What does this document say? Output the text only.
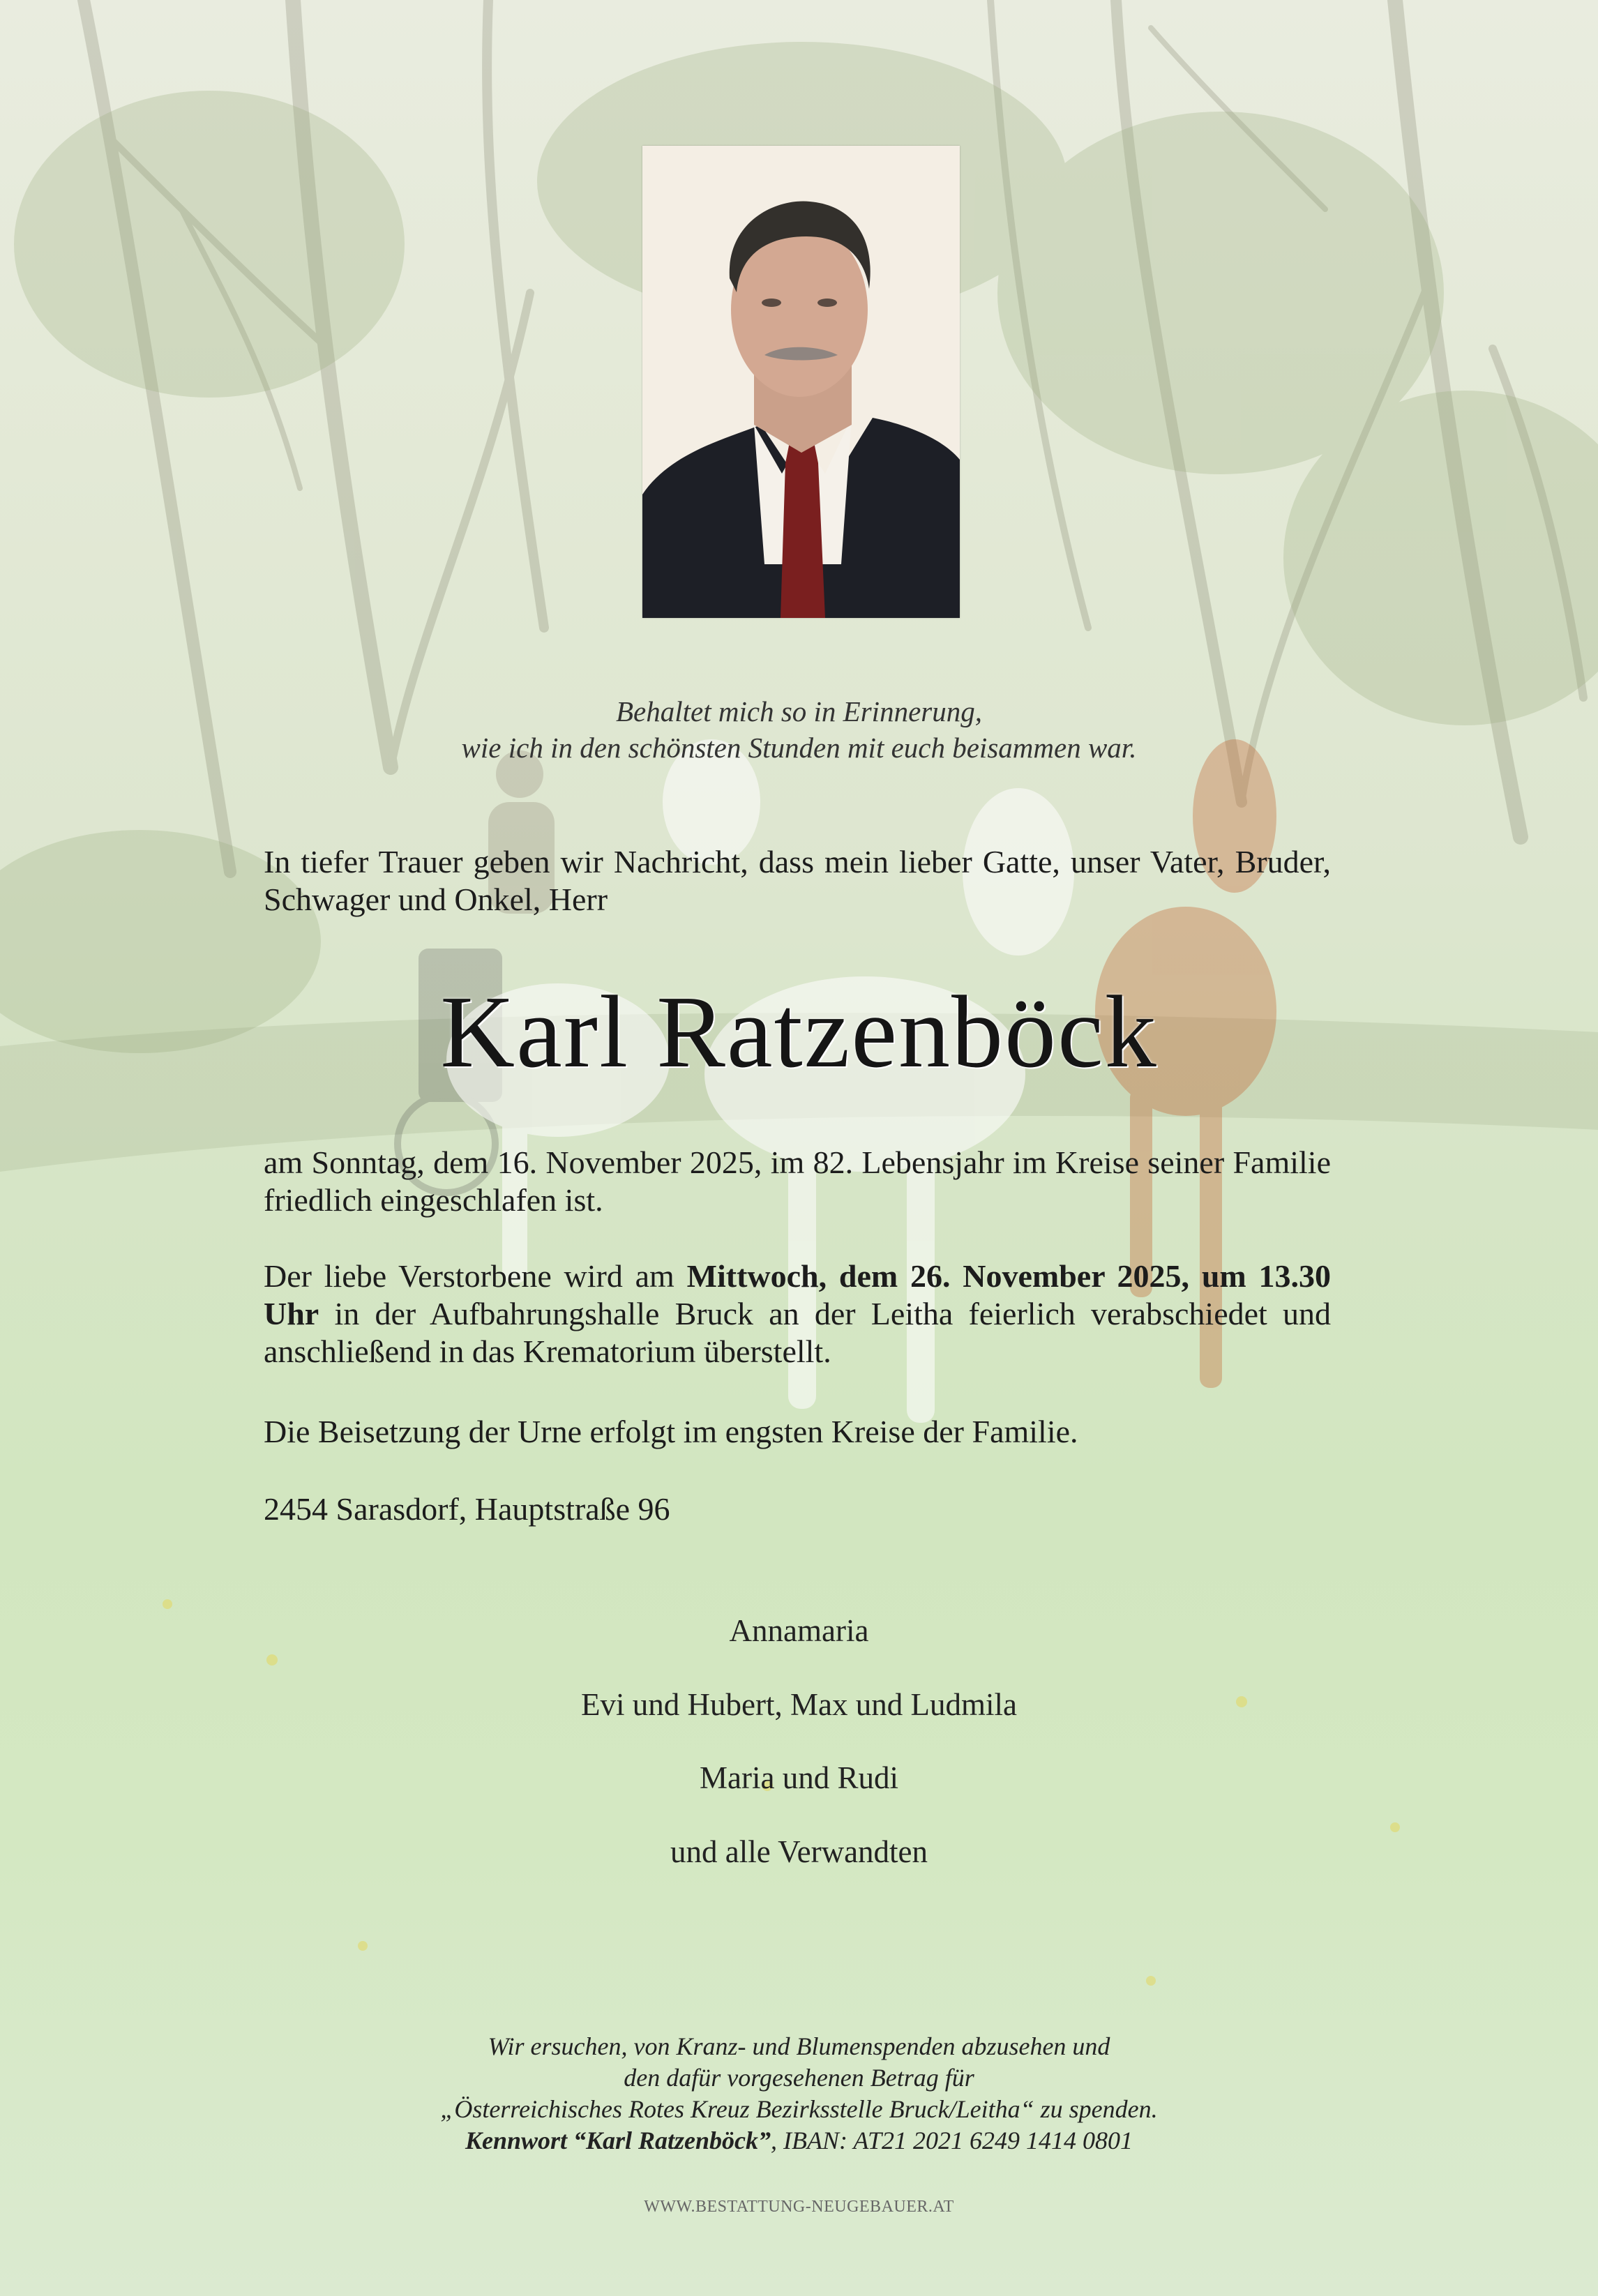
Behaltet mich so in Erinnerung,
wie ich in den schönsten Stunden mit euch beisammen war.
In tiefer Trauer geben wir Nachricht, dass mein lieber Gatte, unser Vater, Bruder, Schwager und Onkel, Herr
Karl Ratzenböck
am Sonntag, dem 16. November 2025, im 82. Lebensjahr im Kreise seiner Familie friedlich eingeschlafen ist.
Der liebe Verstorbene wird am Mittwoch, dem 26. November 2025, um 13.30 Uhr in der Aufbahrungshalle Bruck an der Leitha feierlich verabschiedet und anschließend in das Krematorium überstellt.
Die Beisetzung der Urne erfolgt im engsten Kreise der Familie.
2454 Sarasdorf, Hauptstraße 96
Annamaria
Evi und Hubert, Max und Ludmila
Maria und Rudi
und alle Verwandten
Wir ersuchen, von Kranz- und Blumenspenden abzusehen und
den dafür vorgesehenen Betrag für
„Österreichisches Rotes Kreuz Bezirksstelle Bruck/Leitha“ zu spenden.
Kennwort “Karl Ratzenböck”, IBAN: AT21 2021 6249 1414 0801
WWW.BESTATTUNG-NEUGEBAUER.AT
